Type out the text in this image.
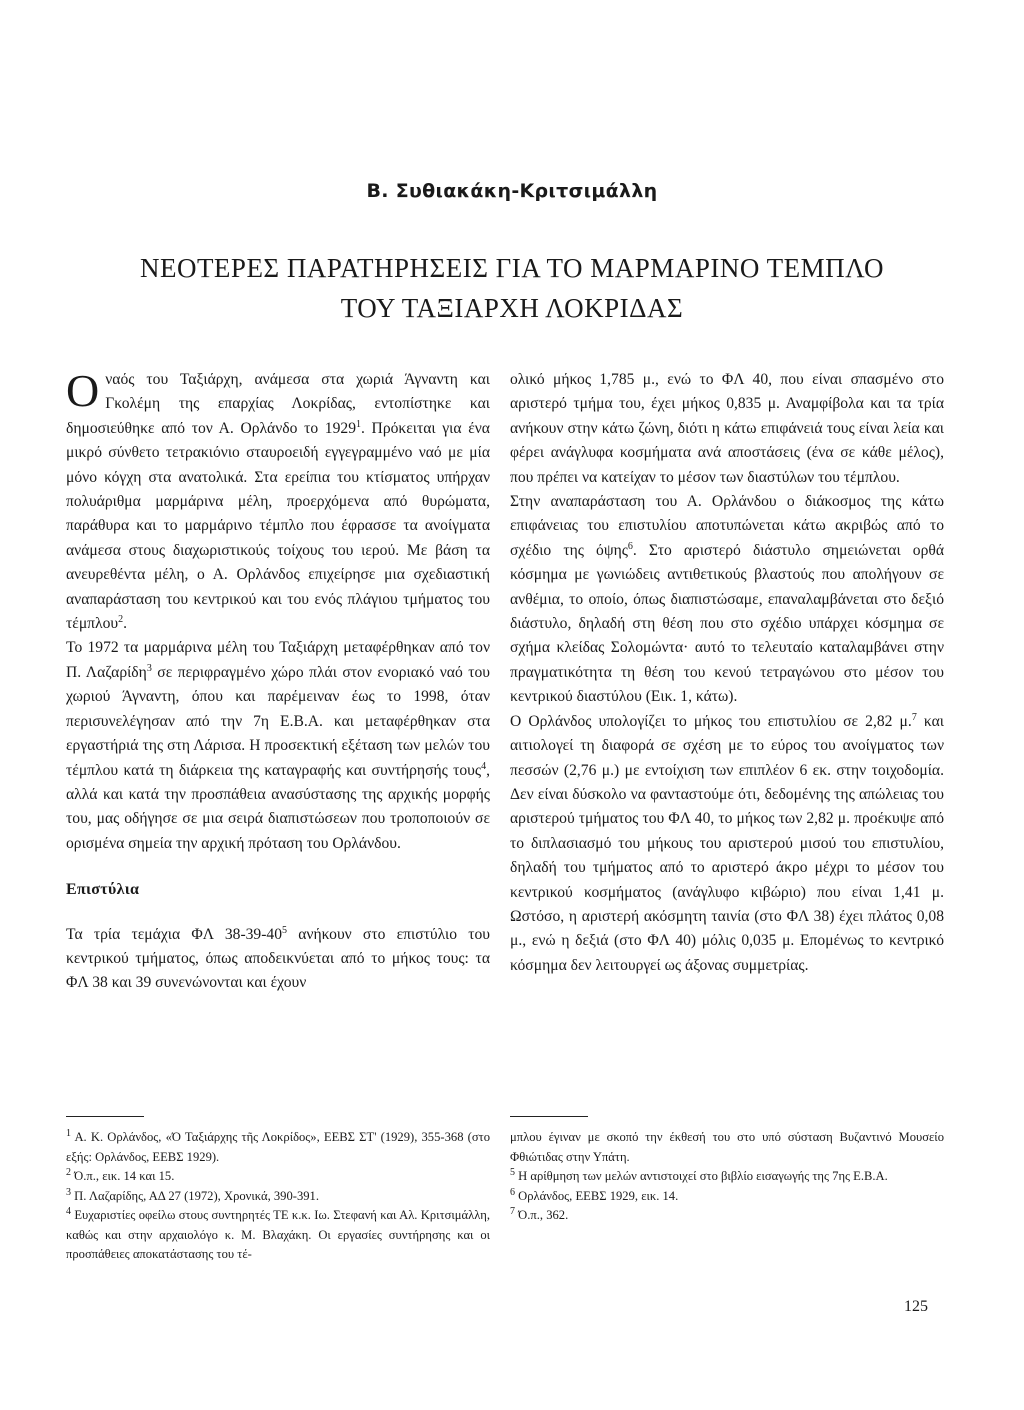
Β. Συθιακάκη-Κριτσιμάλλη
ΝΕΟΤΕΡΕΣ ΠΑΡΑΤΗΡΗΣΕΙΣ ΓΙΑ ΤΟ ΜΑΡΜΑΡΙΝΟ ΤΕΜΠΛΟ
ΤΟΥ ΤΑΞΙΑΡΧΗ ΛΟΚΡΙΔΑΣ

Ο ναός του Ταξιάρχη, ανάμεσα στα χωριά Άγναντη και Γκολέμη της επαρχίας Λοκρίδας, εντοπίστηκε και δημοσιεύθηκε από τον Α. Ορλάνδο το 1929$^1$. Πρόκειται για ένα μικρό σύνθετο τετρακιόνιο σταυροειδή εγγεγραμμένο ναό με μία μόνο κόγχη στα ανατολικά. Στα ερείπια του κτίσματος υπήρχαν πολυάριθμα μαρμάρινα μέλη, προερχόμενα από θυρώματα, παράθυρα και το μαρμάρινο τέμπλο που έφρασσε τα ανοίγματα ανάμεσα στους διαχωριστικούς τοίχους του ιερού. Με βάση τα ανευρεθέντα μέλη, ο Α. Ορλάνδος επιχείρησε μια σχεδιαστική αναπαράσταση του κεντρικού και του ενός πλάγιου τμήματος του τέμπλου$^2$.

Το 1972 τα μαρμάρινα μέλη του Ταξιάρχη μεταφέρθηκαν από τον Π. Λαζαρίδη$^3$ σε περιφραγμένο χώρο πλάι στον ενοριακό ναό του χωριού Άγναντη, όπου και παρέμειναν έως το 1998, όταν περισυνελέγησαν από την 7η Ε.Β.Α. και μεταφέρθηκαν στα εργαστήριά της στη Λάρισα. Η προσεκτική εξέταση των μελών του τέμπλου κατά τη διάρκεια της καταγραφής και συντήρησής τους$^4$, αλλά και κατά την προσπάθεια ανασύστασης της αρχικής μορφής του, μας οδήγησε σε μια σειρά διαπιστώσεων που τροποποιούν σε ορισμένα σημεία την αρχική πρόταση του Ορλάνδου.

Επιστύλια

Τα τρία τεμάχια ΦΛ $38-39-40^5$ ανήκουν στο επιστύλιο του κεντρικού τμήματος, όπως αποδεικνύεται από το μήκος τους: τα ΦΛ 38 και 39 συνενώνονται και έχουν

ολικό μήκος 1,785 μ., ενώ το ΦΛ 40, που είναι σπασμένο στο αριστερό τμήμα του, έχει μήκος 0,835 μ. Αναμφίβολα και τα τρία ανήκουν στην κάτω ζώνη, διότι η κάτω επιφάνειά τους είναι λεία και φέρει ανάγλυφα κοσμήματα ανά αποστάσεις (ένα σε κάθε μέλος), που πρέπει να κατείχαν το μέσον των διαστύλων του τέμπλου.

Στην αναπαράσταση του Α. Ορλάνδου ο διάκοσμος της κάτω επιφάνειας του επιστυλίου αποτυπώνεται κάτω ακριβώς από το σχέδιο της όψης$^6$. Στο αριστερό διάστυλο σημειώνεται ορθά κόσμημα με γωνιώδεις αντιθετικούς βλαστούς που απολήγουν σε ανθέμια, το οποίο, όπως διαπιστώσαμε, επαναλαμβάνεται στο δεξιό διάστυλο, δηλαδή στη θέση που στο σχέδιο υπάρχει κόσμημα σε σχήμα κλείδας Σολομώντα· αυτό το τελευταίο καταλαμβάνει στην πραγματικότητα τη θέση του κενού τετραγώνου στο μέσον του κεντρικού διαστύλου (Εικ. 1, κάτω).

Ο Ορλάνδος υπολογίζει το μήκος του επιστυλίου σε 2,82 μ.$^7$ και αιτιολογεί τη διαφορά σε σχέση με το εύρος του ανοίγματος των πεσσών (2,76 μ.) με εντοίχιση των επιπλέον 6 εκ. στην τοιχοδομία. Δεν είναι δύσκολο να φανταστούμε ότι, δεδομένης της απώλειας του αριστερού τμήματος του ΦΛ 40, το μήκος των 2,82 μ. προέκυψε από το διπλασιασμό του μήκους του αριστερού μισού του επιστυλίου, δηλαδή του τμήματος από το αριστερό άκρο μέχρι το μέσον του κεντρικού κοσμήματος (ανάγλυφο κιβώριο) που είναι 1,41 μ. Ωστόσο, η αριστερή ακόσμητη ταινία (στο ΦΛ 38) έχει πλάτος 0,08 μ., ενώ η δεξιά (στο ΦΛ 40) μόλις 0,035 μ. Επομένως το κεντρικό κόσμημα δεν λειτουργεί ως άξονας συμμετρίας.

$^1$ Α. Κ. Ορλάνδος, «Ό Ταξιάρχης τῆς Λοκρίδος», ΕΕΒΣ ΣΤ' (1929), 355-368 (στο εξής: Ορλάνδος, ΕΕΒΣ 1929).

$^2$ Ό.π., εικ. 14 και 15.

$^3$ Π. Λαζαρίδης, ΑΔ 27 (1972), Χρονικά, 390-391.

$^4$ Ευχαριστίες οφείλω στους συντηρητές ΤΕ κ.κ. Ιω. Στεφανή και Αλ. Κριτσιμάλλη, καθώς και στην αρχαιολόγο κ. Μ. Βλαχάκη. Οι εργασίες συντήρησης και οι προσπάθειες αποκατάστασης του τέ-

μπλου έγιναν με σκοπό την έκθεσή του στο υπό σύσταση Βυζαντινό Μουσείο Φθιώτιδας στην Υπάτη.

$^5$ Η αρίθμηση των μελών αντιστοιχεί στο βιβλίο εισαγωγής της 7ης Ε.Β.Α.

$^6$ Ορλάνδος, ΕΕΒΣ 1929, εικ. 14.

$^7$ Ό.π., 362.

125
